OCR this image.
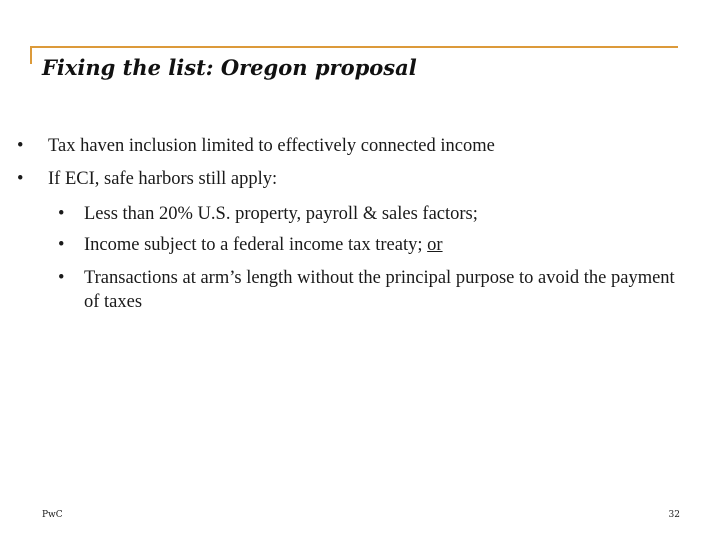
Fixing the list: Oregon proposal
• Tax haven inclusion limited to effectively connected income
• If ECI, safe harbors still apply:
• Less than 20% U.S. property, payroll & sales factors;
• Income subject to a federal income tax treaty; or
• Transactions at arm’s length without the principal purpose to avoid the payment of taxes
PwC	32
